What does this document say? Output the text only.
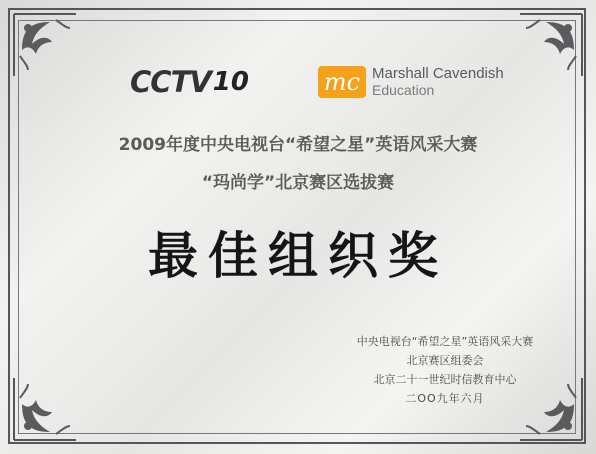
CCTV 10	mc Marshall Cavendish
Education
2009年度中央电视台“希望之星”英语风采大赛
“玛尚学”北京赛区选拔赛
最佳组织奖
中央电视台“希望之星”英语风采大赛
北京赛区组委会
北京二十一世纪时信教育中心
二OO九年六月
